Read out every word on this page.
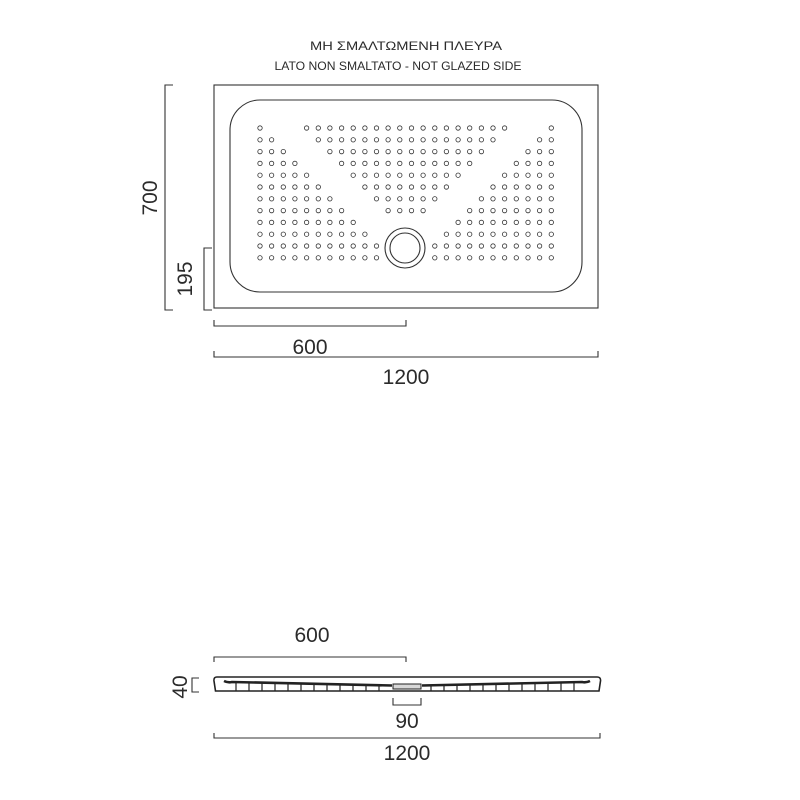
ΜΗ ΣΜΑΛΤΩΜΕΝΗ ΠΛΕΥΡΑ
LATO NON SMALTATO - NOT GLAZED SIDE
700
195
600
1200
600
40
90
1200
